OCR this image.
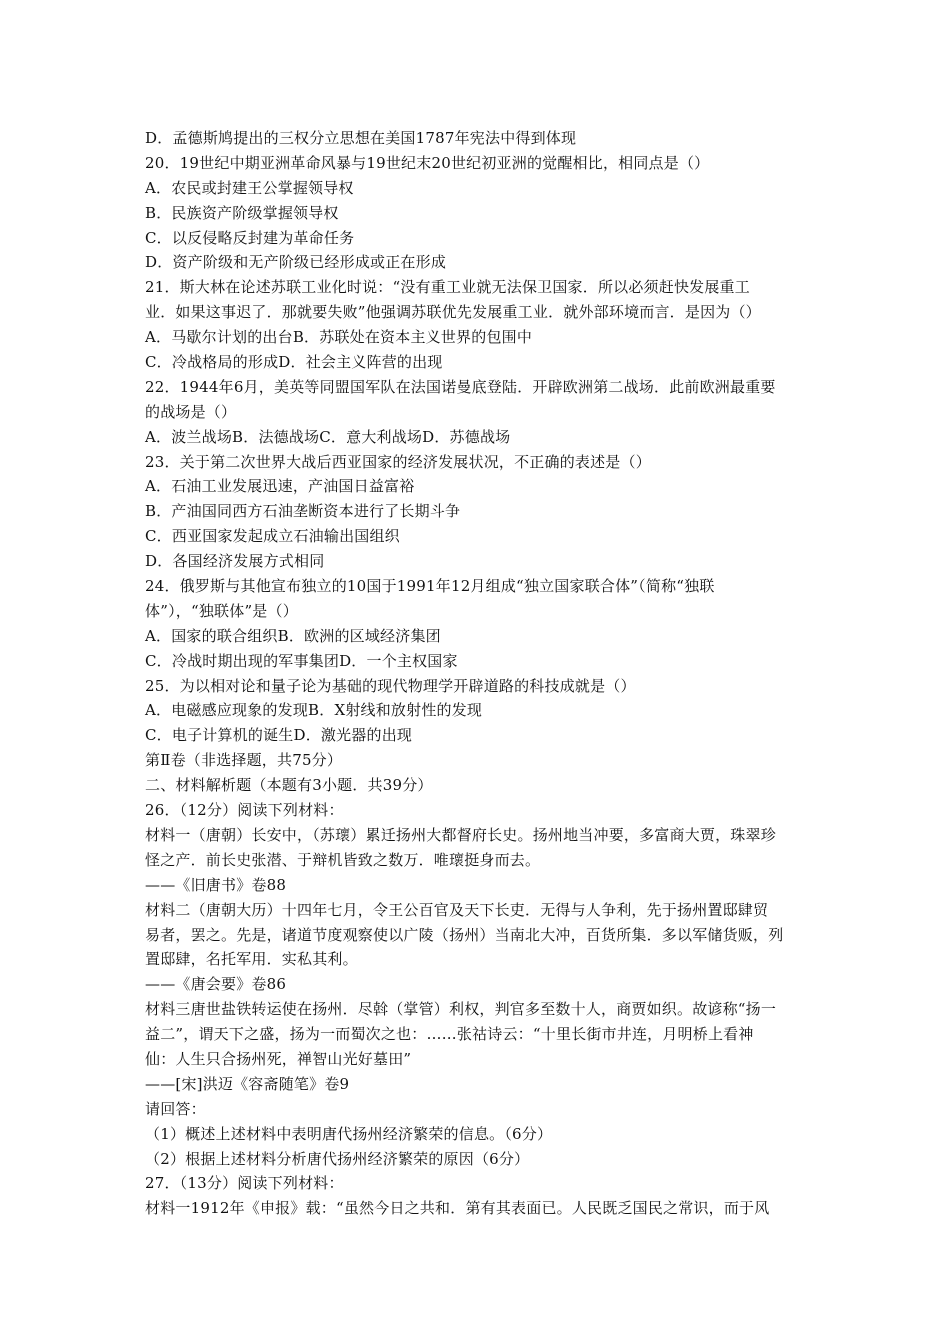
D．孟德斯鸠提出的三权分立思想在美国1787年宪法中得到体现
20．19世纪中期亚洲革命风暴与19世纪末20世纪初亚洲的觉醒相比，相同点是（）
A．农民或封建王公掌握领导权
B．民族资产阶级掌握领导权
C．以反侵略反封建为革命任务
D．资产阶级和无产阶级已经形成或正在形成
21．斯大林在论述苏联工业化时说：“没有重工业就无法保卫国家．所以必须赶快发展重工
业．如果这事迟了．那就要失败”他强调苏联优先发展重工业．就外部环境而言．是因为（）
A．马歇尔计划的出台B．苏联处在资本主义世界的包围中
C．冷战格局的形成D．社会主义阵营的出现
22．1944年6月，美英等同盟国军队在法国诺曼底登陆．开辟欧洲第二战场．此前欧洲最重要
的战场是（）
A．波兰战场B．法德战场C．意大利战场D．苏德战场
23．关于第二次世界大战后西亚国家的经济发展状况，不正确的表述是（）
A．石油工业发展迅速，产油国日益富裕
B．产油国同西方石油垄断资本进行了长期斗争
C．西亚国家发起成立石油输出国组织
D．各国经济发展方式相同
24．俄罗斯与其他宣布独立的10国于1991年12月组成“独立国家联合体”（简称“独联
体”），“独联体”是（）
A．国家的联合组织B．欧洲的区域经济集团
C．冷战时期出现的军事集团D．一个主权国家
25．为以相对论和量子论为基础的现代物理学开辟道路的科技成就是（）
A．电磁感应现象的发现B．X射线和放射性的发现
C．电子计算机的诞生D．激光器的出现
第Ⅱ卷（非选择题，共75分）
二、材料解析题（本题有3小题．共39分）
26．（12分）阅读下列材料：
材料一（唐朝）长安中，（苏瓌）累迁扬州大都督府长史。扬州地当冲要，多富商大贾，珠翠珍
怪之产．前长史张潜、于辩机皆致之数万．唯瓌挺身而去。
——《旧唐书》卷88
材料二（唐朝大历）十四年七月，令王公百官及天下长吏．无得与人争利，先于扬州置邸肆贸
易者，罢之。先是，诸道节度观察使以广陵（扬州）当南北大冲，百货所集．多以军储货贩，列
置邸肆，名托军用．实私其利。
——《唐会要》卷86
材料三唐世盐铁转运使在扬州．尽斡（掌管）利权，判官多至数十人，商贾如织。故谚称“扬一
益二”，谓天下之盛，扬为一而蜀次之也：……张祜诗云：“十里长街市井连，月明桥上看神
仙：人生只合扬州死，禅智山光好墓田”
——[宋]洪迈《容斋随笔》卷9
请回答：
（1）概述上述材料中表明唐代扬州经济繁荣的信息。（6分）
（2）根据上述材料分析唐代扬州经济繁荣的原因（6分）
27．（13分）阅读下列材料：
材料一1912年《申报》载：“虽然今日之共和．第有其表面已。人民既乏国民之常识，而于风
